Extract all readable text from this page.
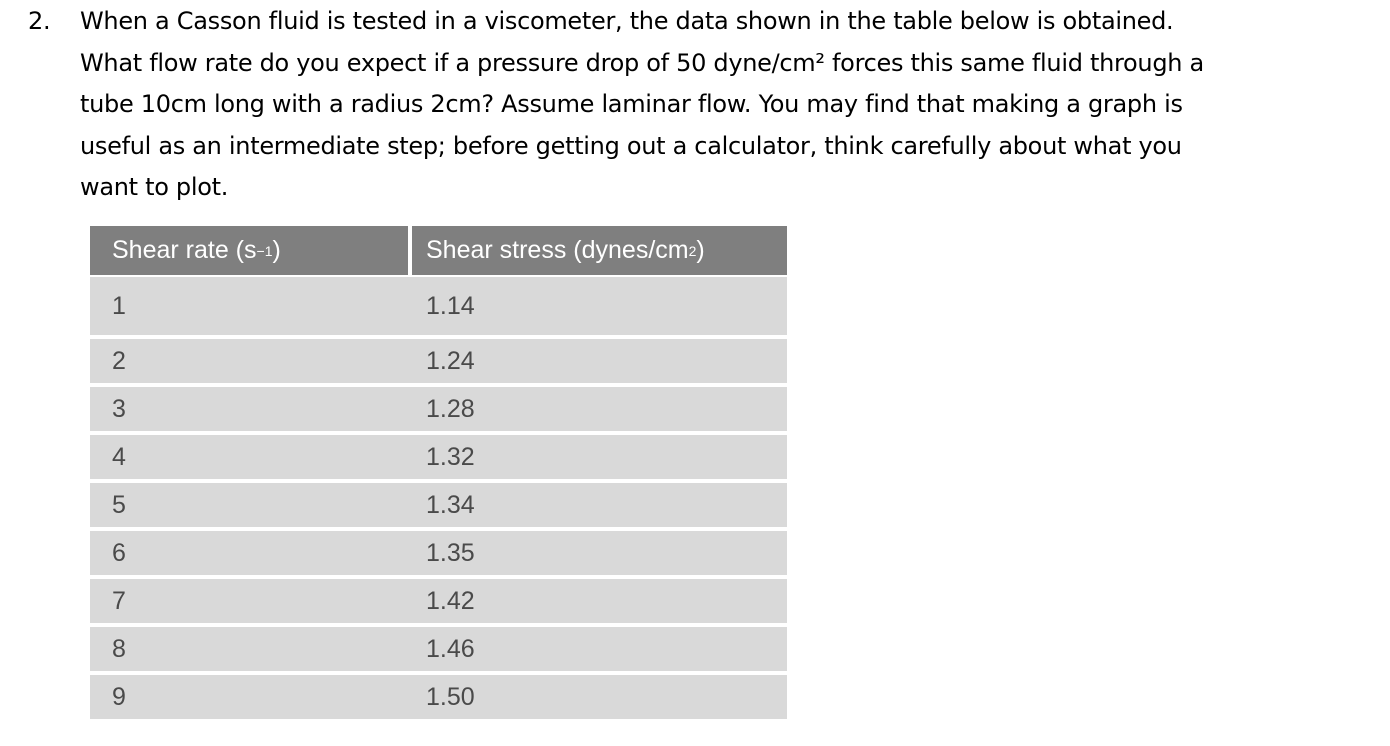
2.	When a Casson fluid is tested in a viscometer, the data shown in the table below is obtained.
What flow rate do you expect if a pressure drop of 50 dyne/cm² forces this same fluid through a
tube 10cm long with a radius 2cm? Assume laminar flow. You may find that making a graph is
useful as an intermediate step; before getting out a calculator, think carefully about what you
want to plot.
Shear rate (s −1 )	Shear stress (dynes/cm 2 )
1	1.14
2	1.24
3	1.28
4	1.32
5	1.34
6	1.35
7	1.42
8	1.46
9	1.50
